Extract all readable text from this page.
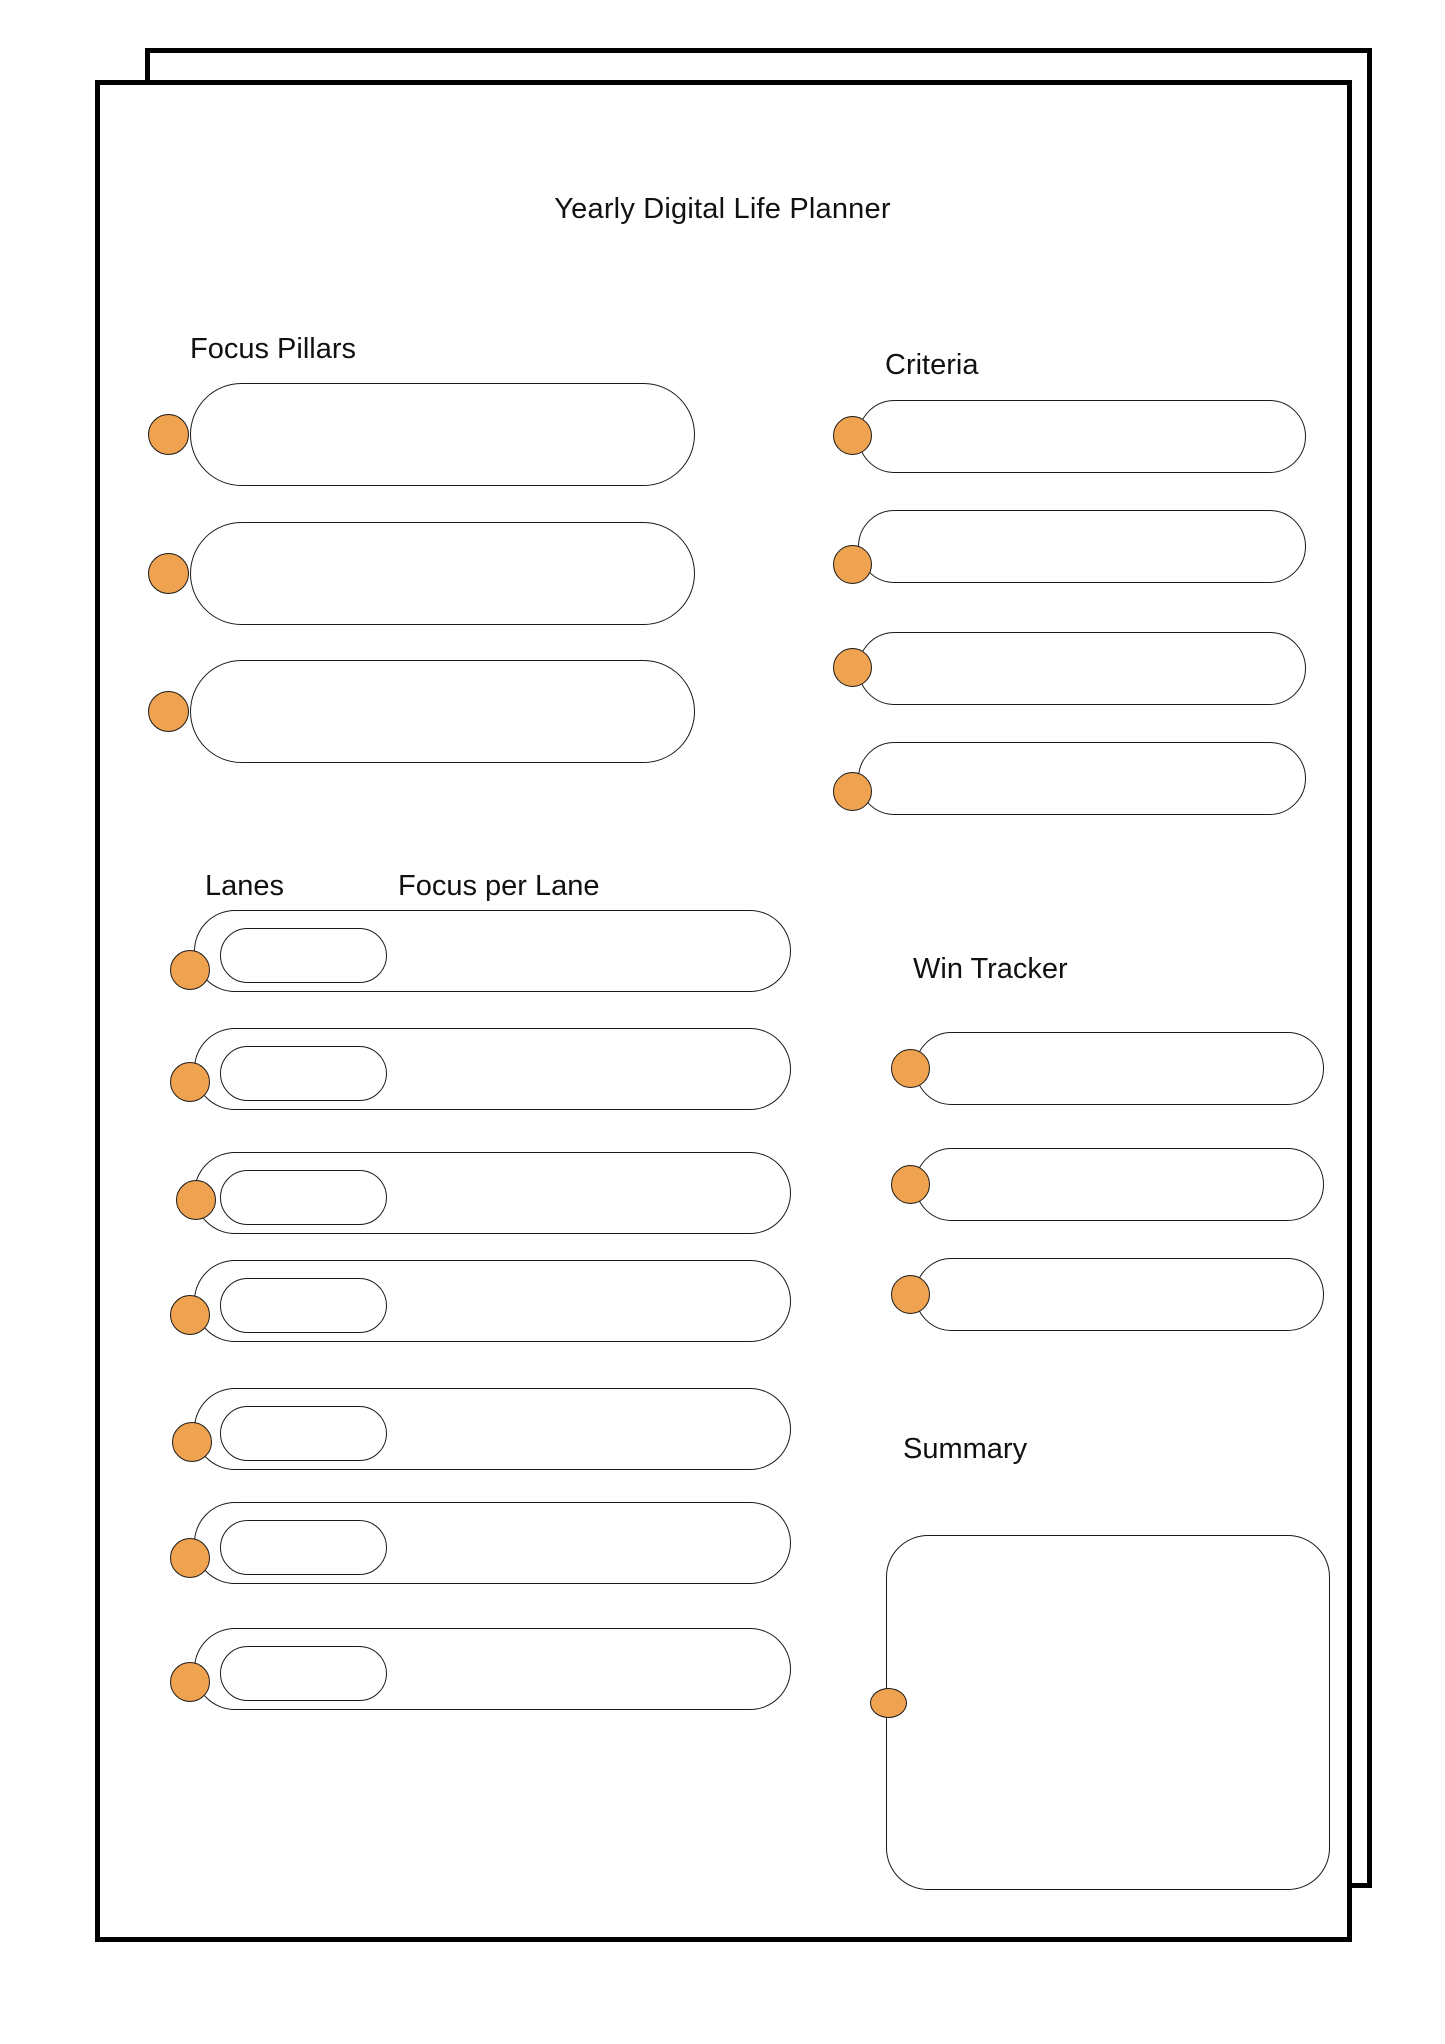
Yearly Digital Life Planner
Focus Pillars	Criteria
Lanes	Focus per Lane
Win Tracker
Summary
